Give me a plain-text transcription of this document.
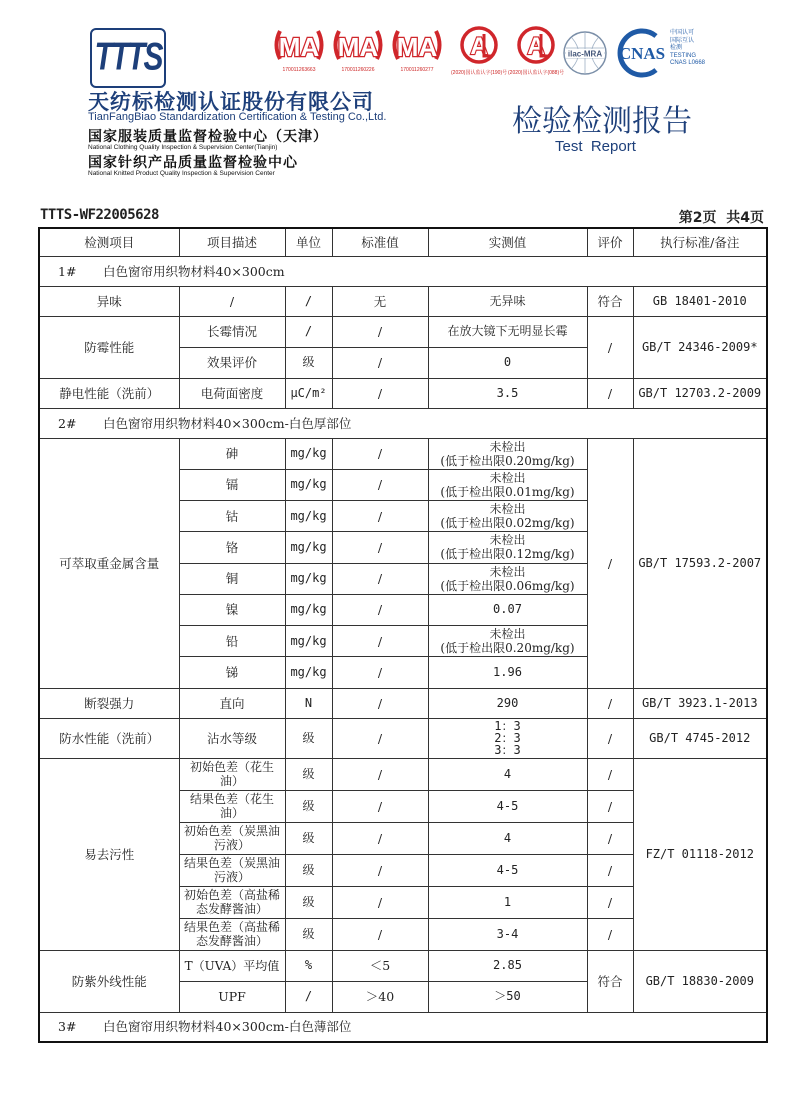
TTTS	MA
170011263663
MA
170011260226
MA
170011260277
A
(2020)国认监认字(190)号
A
(2020)国认监认字(088)号
ilac-MRA CNAS
中国认可
国际互认
检测
TESTING
CNAS L0668
天纺标检测认证股份有限公司
TianFangBiao Standardization Certification & Testing Co.,Ltd.
国家服装质量监督检验中心（天津）
National Clothing Quality Inspection & Supervision Center(Tianjin)
国家针织产品质量监督检验中心
National Knitted Product Quality Inspection & Supervision Center
检验检测报告
Test  Report
TTTS-WF22005628	第2页  共4页
检测项目	项目描述	单位	标准值	实测值	评价	执行标准/备注
1# 白色窗帘用织物材料40×300cm						
异味	/	/	无	无异味	符合	GB 18401-2010
防霉性能	长霉情况	/	/	在放大镜下无明显长霉	/	GB/T 24346-2009*
	效果评价	级	/	0		
静电性能（洗前）	电荷面密度	μC/m²	/	3.5	/	GB/T 12703.2-2009
2# 白色窗帘用织物材料40×300cm-白色厚部位						
可萃取重金属含量	砷	mg/kg	/	未检出
(低于检出限0.20mg/kg)	/	GB/T 17593.2-2007
	镉	mg/kg	/	未检出
(低于检出限0.01mg/kg)		
	钴	mg/kg	/	未检出
(低于检出限0.02mg/kg)		
	铬	mg/kg	/	未检出
(低于检出限0.12mg/kg)		
	铜	mg/kg	/	未检出
(低于检出限0.06mg/kg)		
	镍	mg/kg	/	0.07		
	铅	mg/kg	/	未检出
(低于检出限0.20mg/kg)		
	锑	mg/kg	/	1.96		
断裂强力	直向	N	/	290	/	GB/T 3923.1-2013
防水性能（洗前）	沾水等级	级	/	1：3
2：3
3：3	/	GB/T 4745-2012
易去污性	初始色差（花生油）	级	/	4	/	FZ/T 01118-2012
	结果色差（花生油）	级	/	4-5	/	
	初始色差（炭黑油污液）	级	/	4	/	
	结果色差（炭黑油污液）	级	/	4-5	/	
	初始色差（高盐稀态发酵酱油）	级	/	1	/	
	结果色差（高盐稀态发酵酱油）	级	/	3-4	/	
防紫外线性能	T（UVA）平均值	%	＜5	2.85	符合	GB/T 18830-2009
	UPF	/	＞40	＞50		
3# 白色窗帘用织物材料40×300cm-白色薄部位						
